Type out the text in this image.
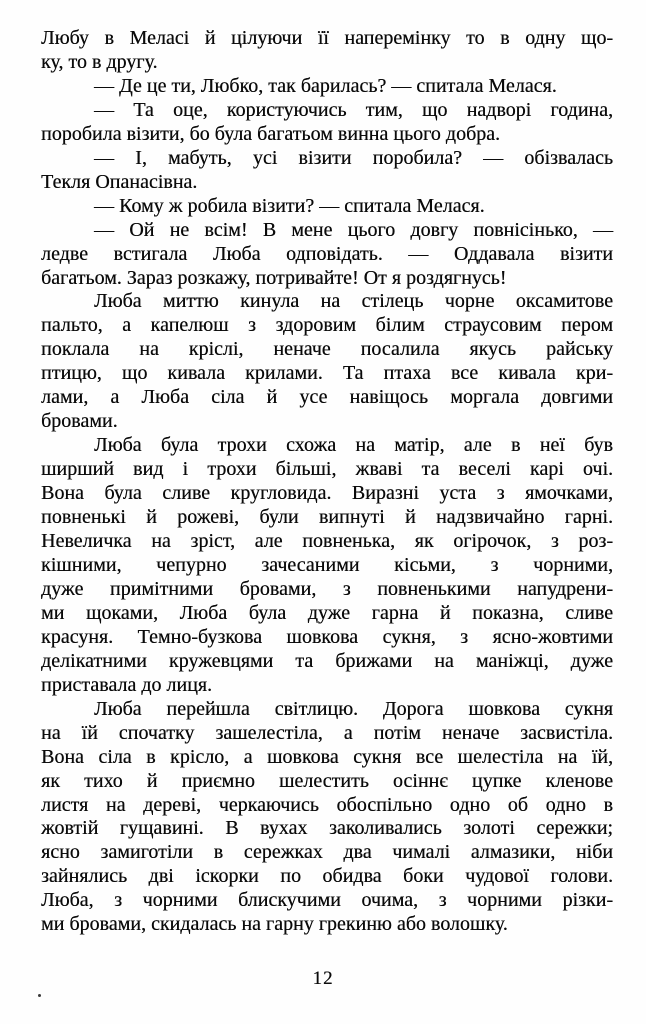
Любу в Меласі й цілуючи її наперемінку то в одну що-
ку, то в другу.
— Де це ти, Любко, так барилась? — спитала Мелася.
— Та оце, користуючись тим, що надворі година,
поробила візити, бо була багатьом винна цього добра.
— І, мабуть, усі візити поробила? — обізвалась
Текля Опанасівна.
— Кому ж робила візити? — спитала Мелася.
— Ой не всім! В мене цього довгу повнісінько, —
ледве встигала Люба одповідать. — Оддавала візити
багатьом. Зараз розкажу, потривайте! От я роздягнусь!
Люба миттю кинула на стілець чорне оксамитове
пальто, а капелюш з здоровим білим страусовим пером
поклала на кріслі, неначе посалила якусь райську
птицю, що кивала крилами. Та птаха все кивала кри-
лами, а Люба сіла й усе навіщось моргала довгими
бровами.
Люба була трохи схожа на матір, але в неї був
ширший вид і трохи більші, жваві та веселі карі очі.
Вона була сливе кругловида. Виразні уста з ямочками,
повненькі й рожеві, були випнуті й надзвичайно гарні.
Невеличка на зріст, але повненька, як огірочок, з роз-
кішними, чепурно зачесаними кісьми, з чорними,
дуже примітними бровами, з повненькими напудрени-
ми щоками, Люба була дуже гарна й показна, сливе
красуня. Темно-бузкова шовкова сукня, з ясно-жовтими
делікатними кружевцями та брижами на маніжці, дуже
приставала до лиця.
Люба перейшла світлицю. Дорога шовкова сукня
на їй спочатку зашелестіла, а потім неначе засвистіла.
Вона сіла в крісло, а шовкова сукня все шелестіла на їй,
як тихо й приємно шелестить осіннє цупке кленове
листя на дереві, черкаючись обоспільно одно об одно в
жовтій гущавині. В вухах заколивались золоті сережки;
ясно замиготіли в сережках два чималі алмазики, ніби
зайнялись дві іскорки по обидва боки чудової голови.
Люба, з чорними блискучими очима, з чорними різки-
ми бровами, скидалась на гарну грекиню або волошку.
12
